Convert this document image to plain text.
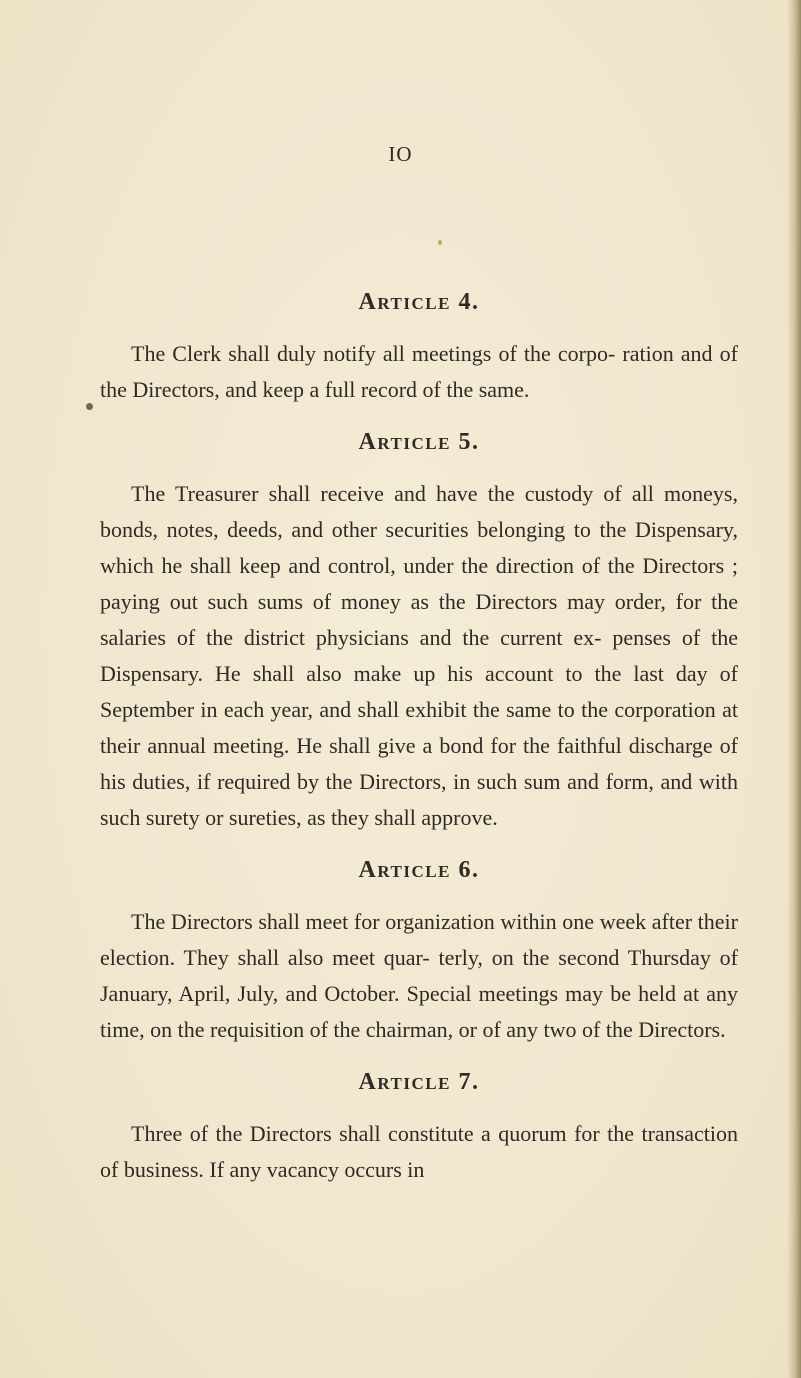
IO
Article 4.

The Clerk shall duly notify all meetings of the corpo- ration and of the Directors, and keep a full record of the same.

Article 5.

The Treasurer shall receive and have the custody of all moneys, bonds, notes, deeds, and other securities belonging to the Dispensary, which he shall keep and control, under the direction of the Directors ; paying out such sums of money as the Directors may order, for the salaries of the district physicians and the current ex- penses of the Dispensary. He shall also make up his account to the last day of September in each year, and shall exhibit the same to the corporation at their annual meeting. He shall give a bond for the faithful discharge of his duties, if required by the Directors, in such sum and form, and with such surety or sureties, as they shall approve.

Article 6.

The Directors shall meet for organization within one week after their election. They shall also meet quar- terly, on the second Thursday of January, April, July, and October. Special meetings may be held at any time, on the requisition of the chairman, or of any two of the Directors.

Article 7.

Three of the Directors shall constitute a quorum for the transaction of business. If any vacancy occurs in
